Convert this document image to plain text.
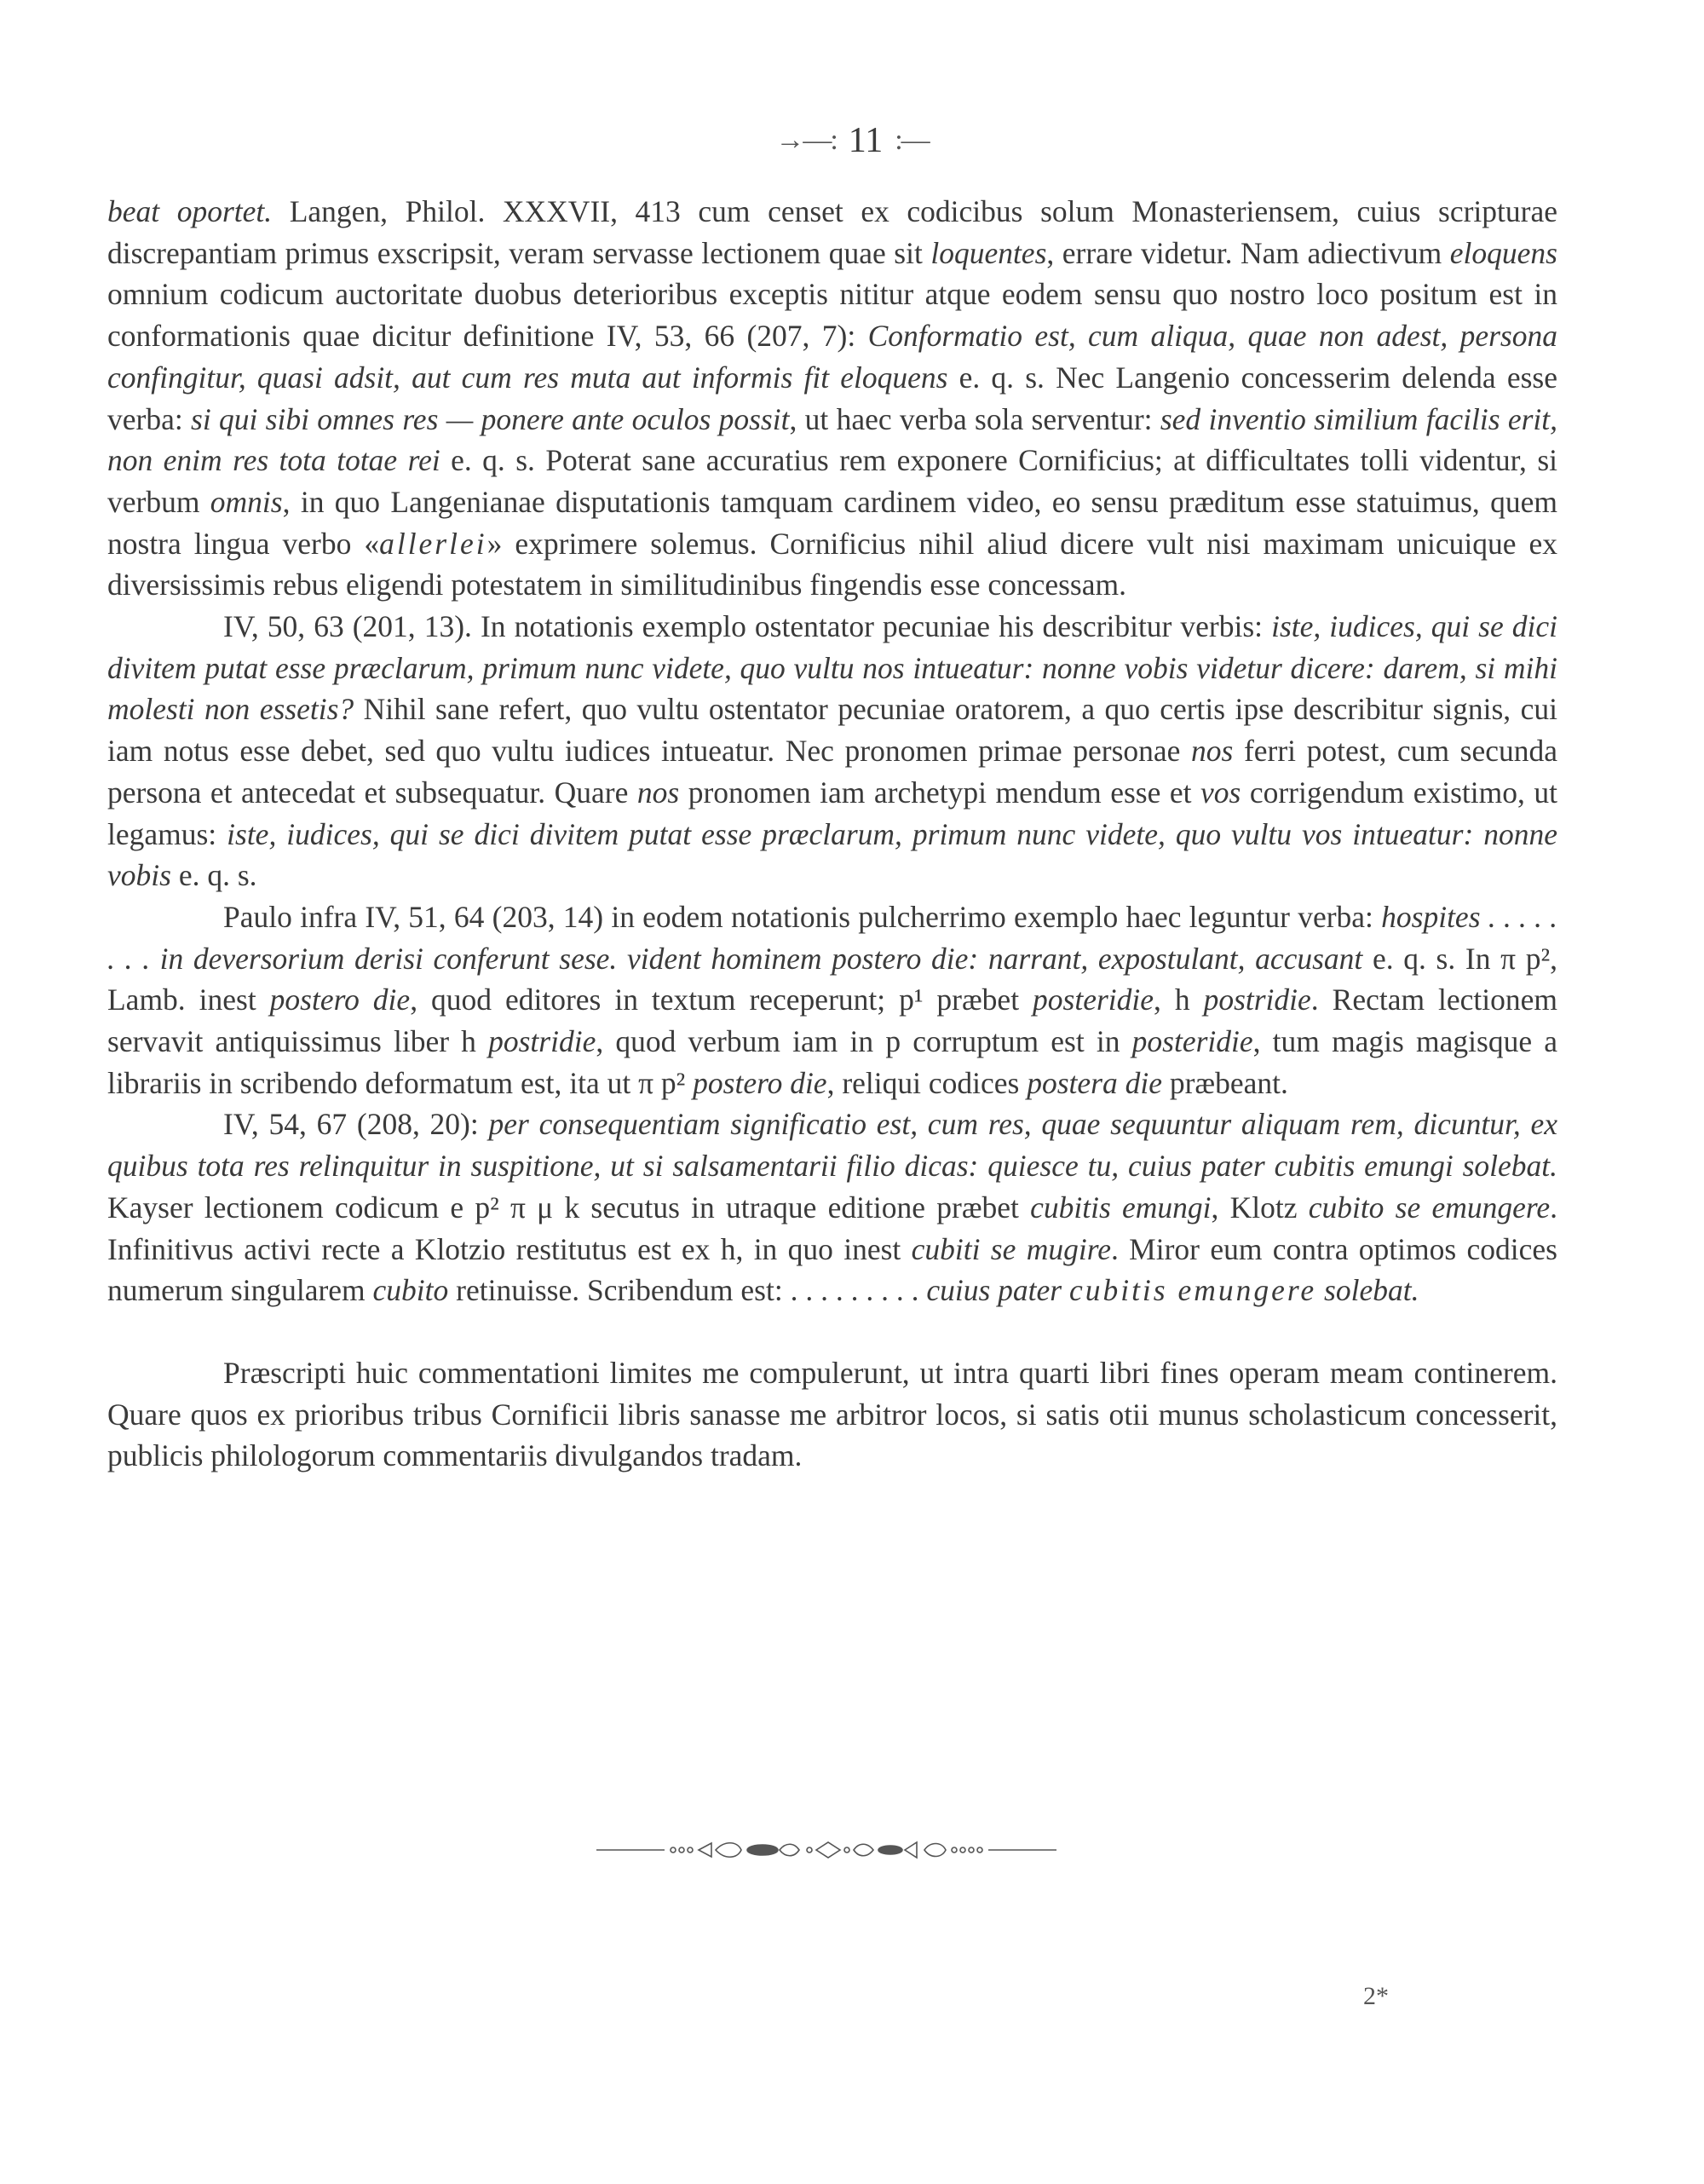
→—: 11 :—

beat oportet. Langen, Philol. XXXVII, 413 cum censet ex codicibus solum Monasteriensem, cuius scripturae discrepantiam primus exscripsit, veram servasse lectionem quae sit loquentes, errare videtur. Nam adiectivum eloquens omnium codicum auctoritate duobus deterioribus exceptis nititur atque eodem sensu quo nostro loco positum est in conformationis quae dicitur definitione IV, 53, 66 (207, 7): Conformatio est, cum aliqua, quae non adest, persona confingitur, quasi adsit, aut cum res muta aut informis fit eloquens e. q. s. Nec Langenio concesserim delenda esse verba: si qui sibi omnes res — ponere ante oculos possit, ut haec verba sola serventur: sed inventio similium facilis erit, non enim res tota totae rei e. q. s. Poterat sane accuratius rem exponere Cornificius; at difficultates tolli videntur, si verbum omnis, in quo Langenianae disputationis tamquam cardinem video, eo sensu præditum esse statuimus, quem nostra lingua verbo «allerlei» exprimere solemus. Cornificius nihil aliud dicere vult nisi maximam unicuique ex diversissimis rebus eligendi potestatem in similitudinibus fingendis esse concessam.

IV, 50, 63 (201, 13). In notationis exemplo ostentator pecuniae his describitur verbis: iste, iudices, qui se dici divitem putat esse præclarum, primum nunc videte, quo vultu nos intueatur: nonne vobis videtur dicere: darem, si mihi molesti non essetis? Nihil sane refert, quo vultu ostentator pecuniae oratorem, a quo certis ipse describitur signis, cui iam notus esse debet, sed quo vultu iudices intueatur. Nec pronomen primae personae nos ferri potest, cum secunda persona et antecedat et subsequatur. Quare nos pronomen iam archetypi mendum esse et vos corrigendum existimo, ut legamus: iste, iudices, qui se dici divitem putat esse præclarum, primum nunc videte, quo vultu vos intueatur: nonne vobis e. q. s.

Paulo infra IV, 51, 64 (203, 14) in eodem notationis pulcherrimo exemplo haec leguntur verba: hospites . . . . . . . . in deversorium derisi conferunt sese. vident hominem postero die: narrant, expostulant, accusant e. q. s. In π p², Lamb. inest postero die, quod editores in textum receperunt; p¹ præbet posteridie, h postridie. Rectam lectionem servavit antiquissimus liber h postridie, quod verbum iam in p corruptum est in posteridie, tum magis magisque a librariis in scribendo deformatum est, ita ut π p² postero die, reliqui codices postera die præbeant.

IV, 54, 67 (208, 20): per consequentiam significatio est, cum res, quae sequuntur aliquam rem, dicuntur, ex quibus tota res relinquitur in suspitione, ut si salsamentarii filio dicas: quiesce tu, cuius pater cubitis emungi solebat. Kayser lectionem codicum e p² π μ k secutus in utraque editione præbet cubitis emungi, Klotz cubito se emungere. Infinitivus activi recte a Klotzio restitutus est ex h, in quo inest cubiti se mugire. Miror eum contra optimos codices numerum singularem cubito retinuisse. Scribendum est: . . . . . . . . . cuius pater cubitis emungere solebat.

Præscripti huic commentationi limites me compulerunt, ut intra quarti libri fines operam meam continerem. Quare quos ex prioribus tribus Cornificii libris sanasse me arbitror locos, si satis otii munus scholasticum concesserit, publicis philologorum commentariis divulgandos tradam.

2*
